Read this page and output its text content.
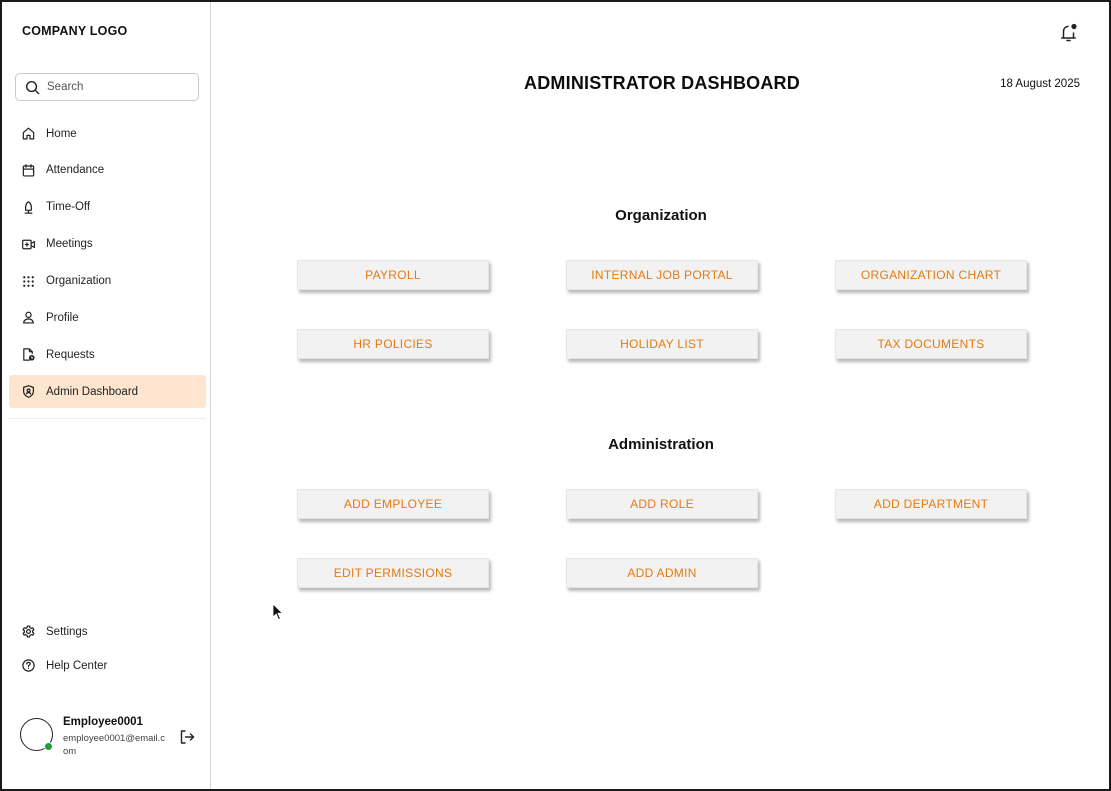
COMPANY LOGO
Search
Home
Attendance
Time-Off
Meetings
Organization
Profile
Requests
Admin Dashboard
Settings
Help Center
Employee0001
employee0001@email.com
ADMINISTRATOR DASHBOARD	18 August 2025
Organization
PAYROLL	INTERNAL JOB PORTAL	ORGANIZATION CHART
HR POLICIES	HOLIDAY LIST	TAX DOCUMENTS
Administration
ADD EMPLOYEE	ADD ROLE	ADD DEPARTMENT
EDIT PERMISSIONS	ADD ADMIN
